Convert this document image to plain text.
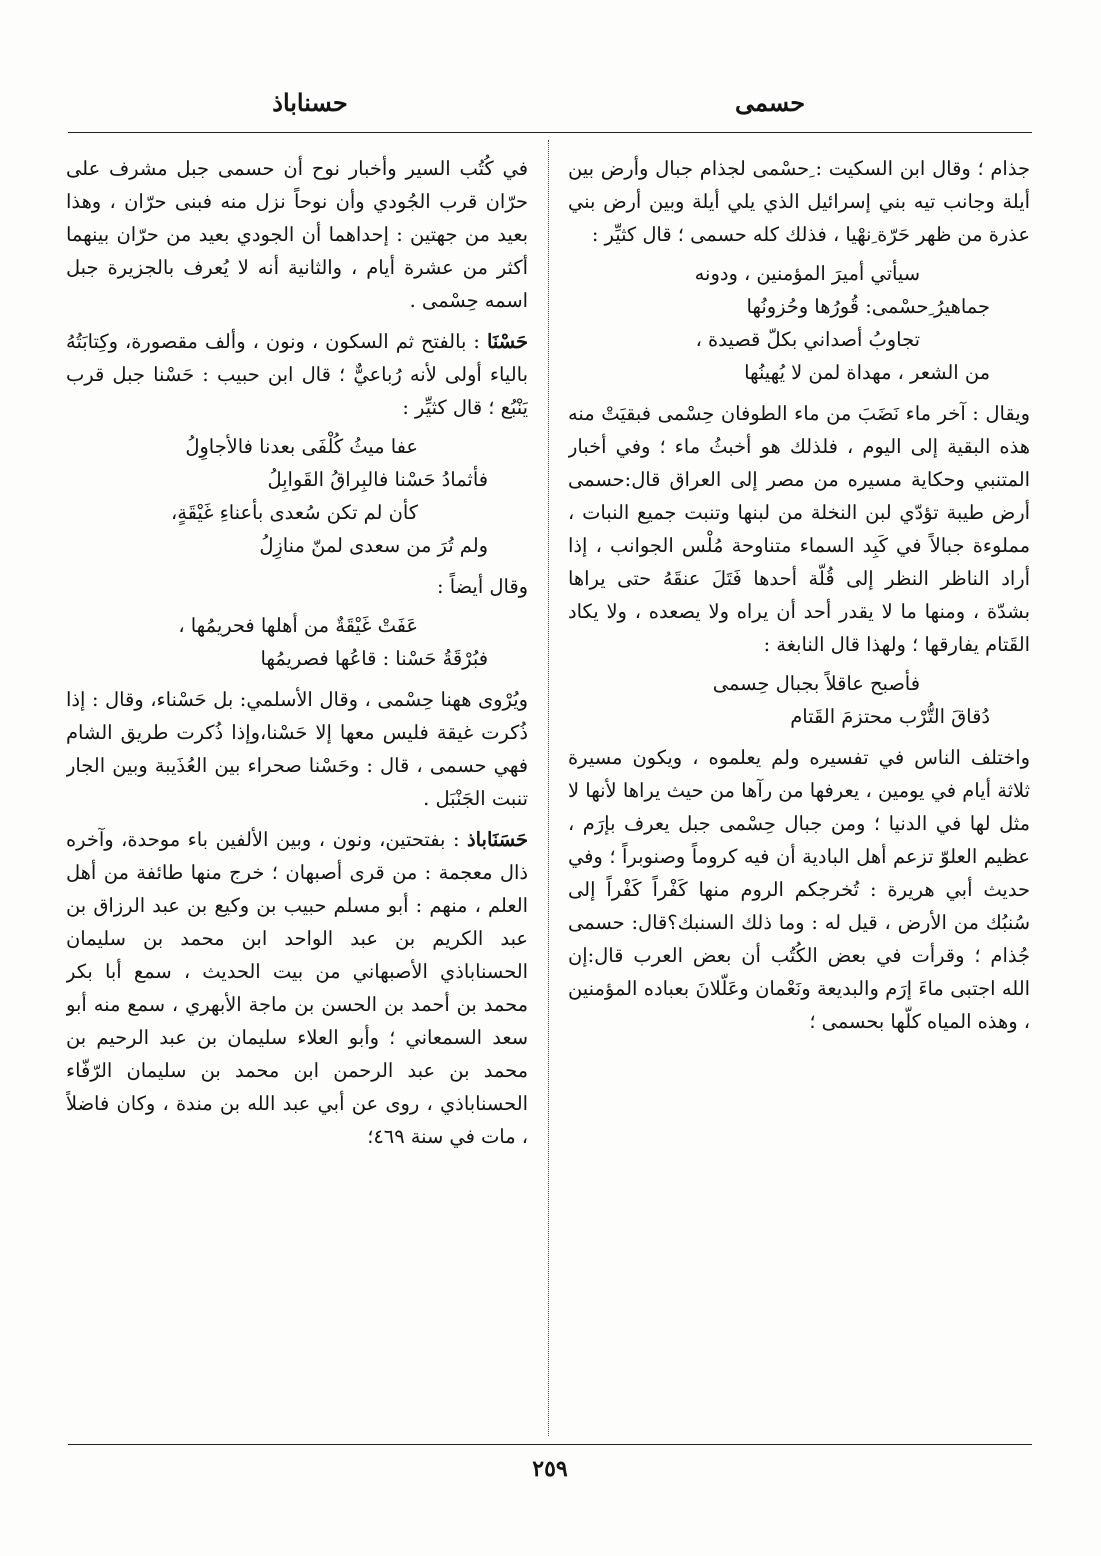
حسمى
حسناباذ

ُجذام ؛ وقال ابن السكيت : ِحسْمى لجذام جبال وأرض بين أيلة وجانب تيه بني إسرائيل الذي يلي أيلة وبين أرض بني ُعذرة من ظهر حَرّة ِنهْيا ، فذلك كله حسمى ؛ قال كثيِّر :

سيأتي أميرَ المؤمنين ، ودونه
جماهيرُ ِحسْمى: قُورُها وحُزونُها
تجاوبُ أصداني بكلّ قصيدة ،
من الشعر ، مهداة لمن لا يُهينُها

ويقال : آخر ماء نَضَبَ من ماء الطوفان حِسْمى فبقيَتْ منه هذه البقية إلى اليوم ، فلذلك هو أخبثُ ماء ؛ وفي أخبار المتنبي وحكاية مسيره من مصر إلى العراق قال:حسمى أرض طيبة تؤدّي لبن النخلة من لبنها وتنبت جميع النبات ، مملوءة جبالاً في كَبِد السماء متناوحة مُلْس الجوانب ، إذا أراد الناظر النظر إلى قُلّة أحدها فَتَلَ عنقَهُ حتى يراها بشدّة ، ومنها ما لا يقدر أحد أن يراه ولا يصعده ، ولا يكاد القَتام يفارقها ؛ ولهذا قال النابغة :

فأصبح عاقلاً بجبال حِسمى
دُقاقَ التُّرْب محتزمَ القَتام

واختلف الناس في تفسيره ولم يعلموه ، ويكون مسيرة ثلاثة أيام في يومين ، يعرفها من رآها من حيث يراها لأنها لا مثل لها في الدنيا ؛ ومن جبال حِسْمى جبل يعرف بإرَم ، عظيم العلوّ تزعم أهل البادية أن فيه كروماً وصنوبراً ؛ وفي حديث أبي هريرة : تُخرجكم الروم منها كَفْراً كَفْراً إلى سُنبُك من الأرض ، قيل له : وما ذلك السنبك؟قال: حسمى جُذام ؛ وقرأت في بعض الكُتُب أن بعض العرب قال:إن الله اجتبى ماءَ إرَم والبديعة ونَعْمان وعَلّلانَ بعباده المؤمنين ، وهذه المياه كلّها بحسمى ؛

في كُتُب السير وأخبار نوح أن حسمى جبل مشرف على حرّان قرب الجُودي وأن نوحاً نزل منه فبنى حرّان ، وهذا بعيد من جهتين : إحداهما أن الجودي بعيد من حرّان بينهما أكثر من عشرة أيام ، والثانية أنه لا يُعرف بالجزيرة جبل اسمه حِسْمى .

حَسْنَا : بالفتح ثم السكون ، ونون ، وألف مقصورة، وكِتابَتُهُ بالياء أولى لأنه رُباعيٌّ ؛ قال ابن حبيب : حَسْنا جبل قرب يَنْبُع ؛ قال كثيِّر :

عفا ميثُ كُلْفَى بعدنا فالأجاوِلُ
فأثمادُ حَسْنا فالبِراقُ القَوابِلُ
كأن لم تكن سُعدى بأعناءِ غَيْقَةٍ،
ولم تُرَ من سعدى لمنّ منازِلُ

وقال أيضاً :

عَفَتْ غَيْقَةٌ من أهلها فحريمُها ،
فبُرْقَةُ حَسْنا : قاعُها فصريمُها

ويُرْوى ههنا حِسْمى ، وقال الأسلمي: بل حَسْناء، وقال : إذا ذُكرت غيقة فليس معها إلا حَسْنا،وإذا ذُكرت طريق الشام فهي حسمى ، قال : وحَسْنا صحراء بين العُذَيبة وبين الجار تنبت الجَنْبَل .

حَسَنَاباذ : بفتحتين، ونون ، وبين الألفين باء موحدة، وآخره ذال معجمة : من قرى أصبهان ؛ خرج منها طائفة من أهل العلم ، منهم : أبو مسلم حبيب بن وكيع بن عبد الرزاق بن عبد الكريم بن عبد الواحد ابن محمد بن سليمان الحسناباذي الأصبهاني من بيت الحديث ، سمع أبا بكر محمد بن أحمد بن الحسن بن ماجة الأبهري ، سمع منه أبو سعد السمعاني ؛ وأبو العلاء سليمان بن عبد الرحيم بن محمد بن عبد الرحمن ابن محمد بن سليمان الرّفّاء الحسناباذي ، روى عن أبي عبد الله بن مندة ، وكان فاضلاً ، مات في سنة ٤٦٩؛

٢٥٩
